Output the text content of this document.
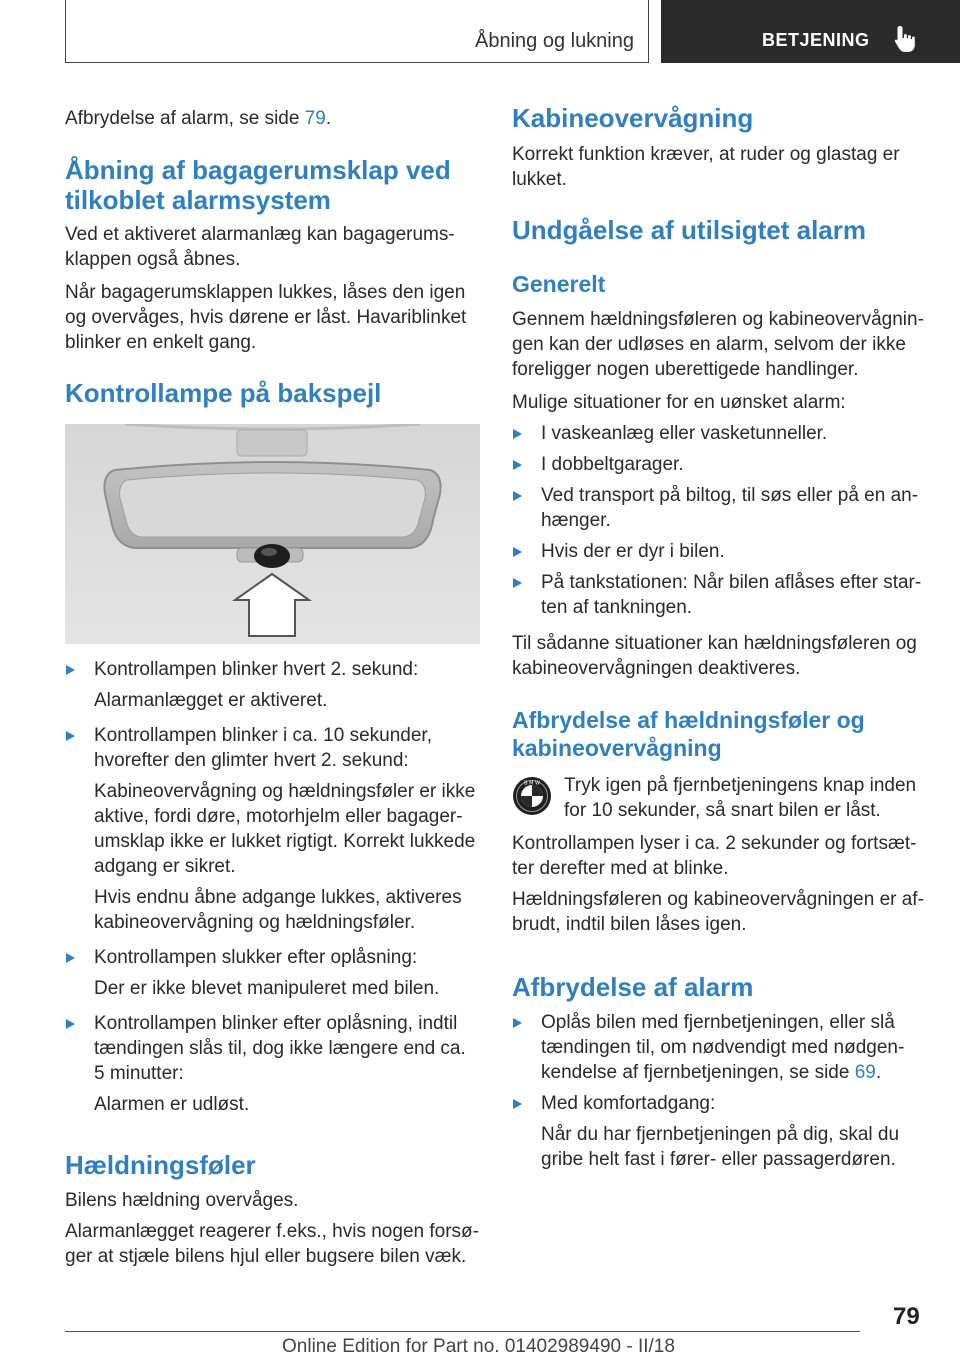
Åbning og lukning	BETJENING

Afbrydelse af alarm, se side 79.

Åbning af bagagerumsklap ved
tilkoblet alarmsystem

Ved et aktiveret alarmanlæg kan bagagerums-
klappen også åbnes.

Når bagagerumsklappen lukkes, låses den igen
og overvåges, hvis dørene er låst. Havariblinket
blinker en enkelt gang.

Kontrollampe på bakspejl

Kontrollampen blinker hvert 2. sekund:

Alarmanlægget er aktiveret.

Kontrollampen blinker i ca. 10 sekunder,
hvorefter den glimter hvert 2. sekund:

Kabineovervågning og hældningsføler er ikke
aktive, fordi døre, motorhjelm eller bagager-
umsklap ikke er lukket rigtigt. Korrekt lukkede
adgang er sikret.

Hvis endnu åbne adgange lukkes, aktiveres
kabineovervågning og hældningsføler.

Kontrollampen slukker efter oplåsning:

Der er ikke blevet manipuleret med bilen.

Kontrollampen blinker efter oplåsning, indtil
tændingen slås til, dog ikke længere end ca.
5 minutter:

Alarmen er udløst.

Hældningsføler

Bilens hældning overvåges.

Alarmanlægget reagerer f.eks., hvis nogen forsø-
ger at stjæle bilens hjul eller bugsere bilen væk.

Kabineovervågning

Korrekt funktion kræver, at ruder og glastag er
lukket.

Undgåelse af utilsigtet alarm
Generelt

Gennem hældningsføleren og kabineovervågnin-
gen kan der udløses en alarm, selvom der ikke
foreligger nogen uberettigede handlinger.

Mulige situationer for en uønsket alarm:

I vaskeanlæg eller vasketunneller.

I dobbeltgarager.

Ved transport på biltog, til søs eller på en an-
hænger.

Hvis der er dyr i bilen.

På tankstationen: Når bilen aflåses efter star-
ten af tankningen.

Til sådanne situationer kan hældningsføleren og
kabineovervågningen deaktiveres.

Afbrydelse af hældningsføler og
kabineovervågning
B M W Tryk igen på fjernbetjeningens knap inden
for 10 sekunder, så snart bilen er låst.

Kontrollampen lyser i ca. 2 sekunder og fortsæt-
ter derefter med at blinke.

Hældningsføleren og kabineovervågningen er af-
brudt, indtil bilen låses igen.

Afbrydelse af alarm

Oplås bilen med fjernbetjeningen, eller slå
tændingen til, om nødvendigt med nødgen-
kendelse af fjernbetjeningen, se side 69.

Med komfortadgang:

Når du har fjernbetjeningen på dig, skal du
gribe helt fast i fører- eller passagerdøren.

79
Online Edition for Part no. 01402989490 - II/18
